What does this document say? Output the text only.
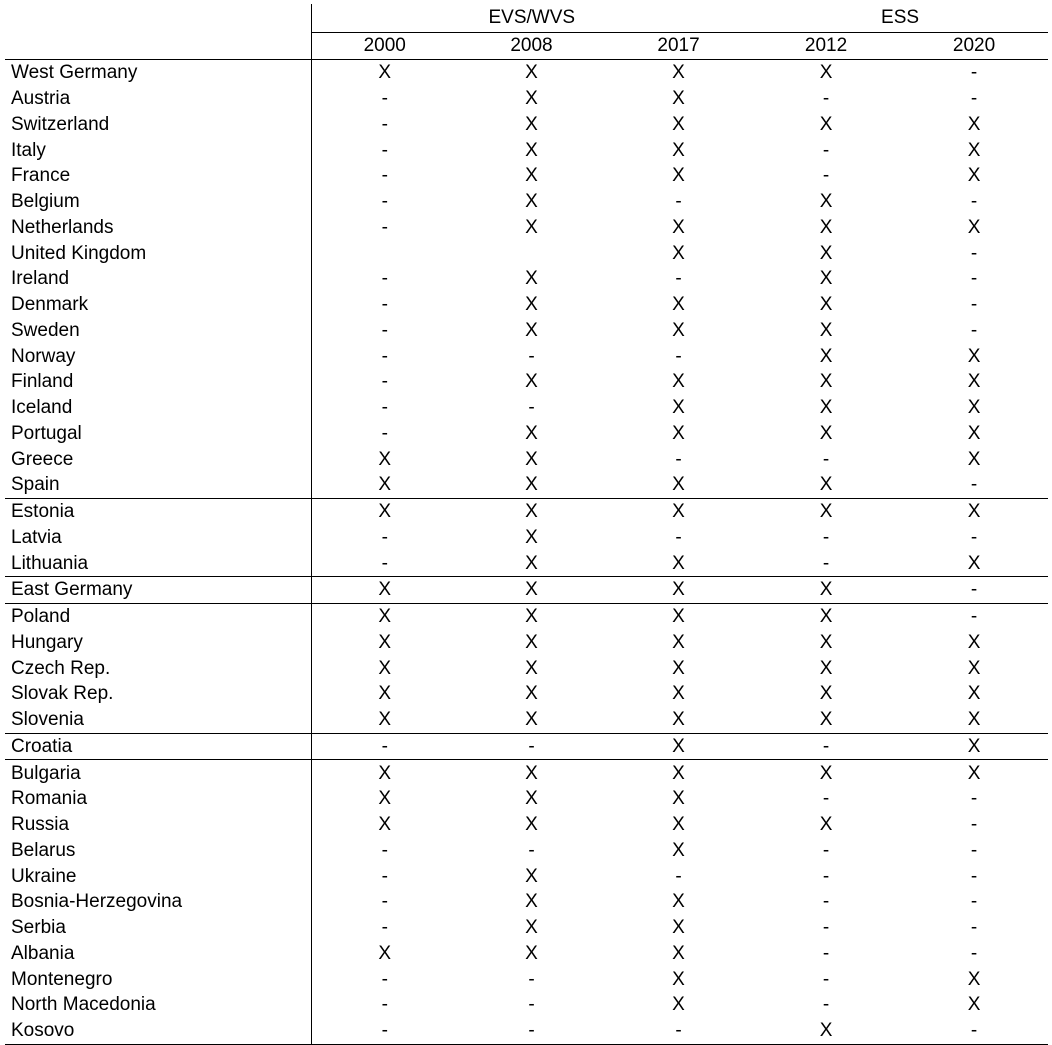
	EVS/WVS			ESS	
	2000	2008	2017	2012	2020
West Germany	X	X	X	X	-
Austria	-	X	X	-	-
Switzerland	-	X	X	X	X
Italy	-	X	X	-	X
France	-	X	X	-	X
Belgium	-	X	-	X	-
Netherlands	-	X	X	X	X
United Kingdom			X	X	-
Ireland	-	X	-	X	-
Denmark	-	X	X	X	-
Sweden	-	X	X	X	-
Norway	-	-	-	X	X
Finland	-	X	X	X	X
Iceland	-	-	X	X	X
Portugal	-	X	X	X	X
Greece	X	X	-	-	X
Spain	X	X	X	X	-
Estonia	X	X	X	X	X
Latvia	-	X	-	-	-
Lithuania	-	X	X	-	X
East Germany	X	X	X	X	-
Poland	X	X	X	X	-
Hungary	X	X	X	X	X
Czech Rep.	X	X	X	X	X
Slovak Rep.	X	X	X	X	X
Slovenia	X	X	X	X	X
Croatia	-	-	X	-	X
Bulgaria	X	X	X	X	X
Romania	X	X	X	-	-
Russia	X	X	X	X	-
Belarus	-	-	X	-	-
Ukraine	-	X	-	-	-
Bosnia-Herzegovina	-	X	X	-	-
Serbia	-	X	X	-	-
Albania	X	X	X	-	-
Montenegro	-	-	X	-	X
North Macedonia	-	-	X	-	X
Kosovo	-	-	-	X	-
